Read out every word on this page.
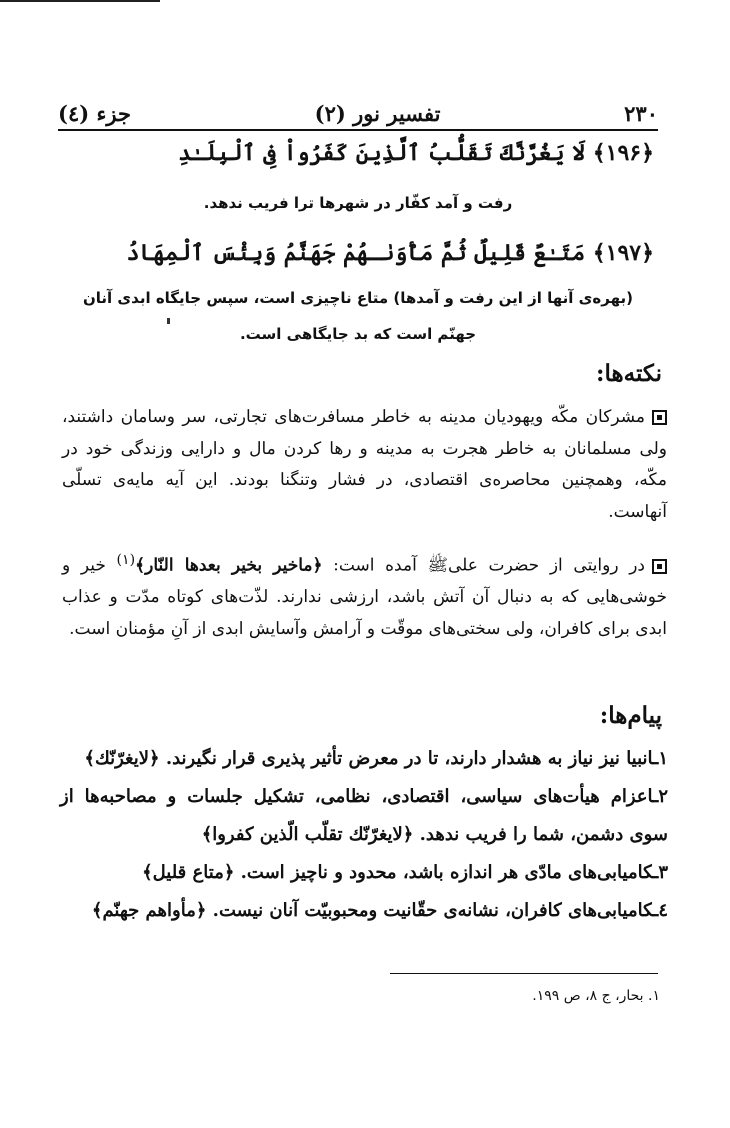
۲۳۰
تفسیر نور (۲)
جزء (٤)
﴿۱۹۶﴾ لَا یَغُرَّنَّكَ تَقَلُّبُ ٱلَّذِینَ كَفَرُواْ فِی ٱلْبِلَـٰدِ
رفت و آمد کفّار در شهرها ترا فریب ندهد.
﴿۱۹۷﴾ مَتَـٰعٌ قَلِیلٌ ثُمَّ مَأْوَىٰـهُمْ جَهَنَّمُ وَبِئْسَ ٱلْمِهَادُ
(بهره‌ی آنها از این رفت و آمدها) متاع ناچیزی است، سپس جایگاه ابدی آنان
جهنّم است که بد جایگاهی است.
نکته‌ها:
مشرکان مکّه ویهودیان مدینه به خاطر مسافرت‌های تجارتی، سر وسامان داشتند، ولی مسلمانان به خاطر هجرت به مدینه و رها کردن مال و دارایی وزندگی خود در مکّه، وهمچنین محاصره‌ی اقتصادی، در فشار وتنگنا بودند. این آیه مایه‌ی تسلّی آنهاست.
در روایتی از حضرت علیﷺ آمده است: ﴿ماخیر بخیر بعدها النّار﴾$^{(۱)}$ خیر و خوشی‌هایی که به دنبال آن آتش باشد، ارزشی ندارند. لذّت‌های کوتاه مدّت و عذاب ابدی برای کافران، ولی سختی‌های موقّت و آرامش وآسایش ابدی از آنِ مؤمنان است.
پیام‌ها:
۱ـانبیا نیز نیاز به هشدار دارند، تا در معرض تأثیر پذیری قرار نگیرند. ﴿لایغرّنّك﴾
۲ـاعزام هیأت‌های سیاسی، اقتصادی، نظامی، تشکیل جلسات و مصاحبه‌ها از سوی دشمن، شما را فریب ندهد. ﴿لایغرّنّك تقلّب الّذین کفروا﴾
۳ـکامیابی‌های مادّی هر اندازه باشد، محدود و ناچیز است. ﴿متاع قلیل﴾
٤ـکامیابی‌های کافران، نشانه‌ی حقّانیت ومحبوبیّت آنان نیست. ﴿مأواهم جهنّم﴾
۱. بحار، ج ۸، ص ۱۹۹.
